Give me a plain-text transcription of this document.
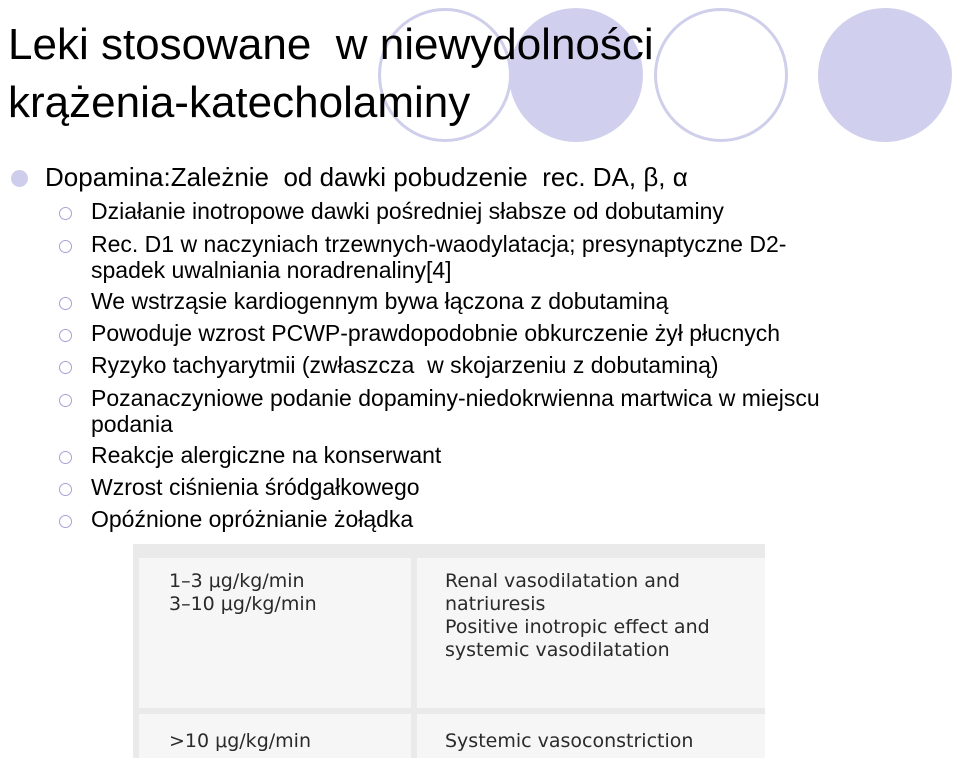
Leki stosowane  w niewydolności
krążenia-katecholaminy
Dopamina:Zależnie  od dawki pobudzenie  rec. DA, β, α
Działanie inotropowe dawki pośredniej słabsze od dobutaminy
Rec. D1 w naczyniach trzewnych-waodylatacja; presynaptyczne D2-
spadek uwalniania noradrenaliny[4]
We wstrząsie kardiogennym bywa łączona z dobutaminą
Powoduje wzrost PCWP-prawdopodobnie obkurczenie żył płucnych
Ryzyko tachyarytmii (zwłaszcza  w skojarzeniu z dobutaminą)
Pozanaczyniowe podanie dopaminy-niedokrwienna martwica w miejscu
podania
Reakcje alergiczne na konserwant
Wzrost ciśnienia śródgałkowego
Opóźnione opróżnianie żołądka
1–3 μg/kg/min
3–10 μg/kg/min
Renal vasodilatation and
natriuresis
Positive inotropic effect and
systemic vasodilatation
>10 μg/kg/min	Systemic vasoconstriction
